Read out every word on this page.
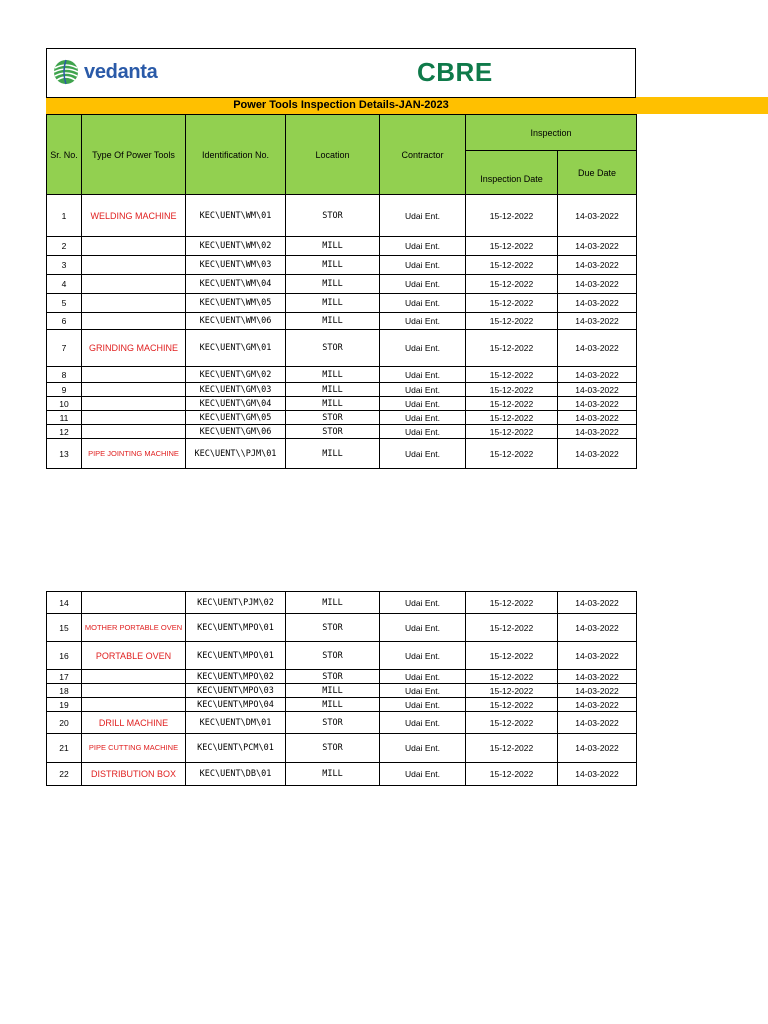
vedanta	CBRE
Power Tools Inspection Details-JAN-2023
Sr. No.	Type Of Power Tools	Identification No.	Location	Contractor	Inspection	
					Inspection Date	Due Date
1	WELDING MACHINE	KEC\UENT\WM\01	STOR	Udai Ent.	15-12-2022	14-03-2022
2		KEC\UENT\WM\02	MILL	Udai Ent.	15-12-2022	14-03-2022
3		KEC\UENT\WM\03	MILL	Udai Ent.	15-12-2022	14-03-2022
4		KEC\UENT\WM\04	MILL	Udai Ent.	15-12-2022	14-03-2022
5		KEC\UENT\WM\05	MILL	Udai Ent.	15-12-2022	14-03-2022
6		KEC\UENT\WM\06	MILL	Udai Ent.	15-12-2022	14-03-2022
7	GRINDING MACHINE	KEC\UENT\GM\01	STOR	Udai Ent.	15-12-2022	14-03-2022
8		KEC\UENT\GM\02	MILL	Udai Ent.	15-12-2022	14-03-2022
9		KEC\UENT\GM\03	MILL	Udai Ent.	15-12-2022	14-03-2022
10		KEC\UENT\GM\04	MILL	Udai Ent.	15-12-2022	14-03-2022
11		KEC\UENT\GM\05	STOR	Udai Ent.	15-12-2022	14-03-2022
12		KEC\UENT\GM\06	STOR	Udai Ent.	15-12-2022	14-03-2022
13	PIPE JOINTING MACHINE	KEC\UENT\\PJM\01	MILL	Udai Ent.	15-12-2022	14-03-2022
14		KEC\UENT\PJM\02	MILL	Udai Ent.	15-12-2022	14-03-2022
15	MOTHER PORTABLE OVEN	KEC\UENT\MPO\01	STOR	Udai Ent.	15-12-2022	14-03-2022
16	PORTABLE OVEN	KEC\UENT\MPO\01	STOR	Udai Ent.	15-12-2022	14-03-2022
17		KEC\UENT\MPO\02	STOR	Udai Ent.	15-12-2022	14-03-2022
18		KEC\UENT\MPO\03	MILL	Udai Ent.	15-12-2022	14-03-2022
19		KEC\UENT\MPO\04	MILL	Udai Ent.	15-12-2022	14-03-2022
20	DRILL MACHINE	KEC\UENT\DM\01	STOR	Udai Ent.	15-12-2022	14-03-2022
21	PIPE CUTTING MACHINE	KEC\UENT\PCM\01	STOR	Udai Ent.	15-12-2022	14-03-2022
22	DISTRIBUTION BOX	KEC\UENT\DB\01	MILL	Udai Ent.	15-12-2022	14-03-2022
